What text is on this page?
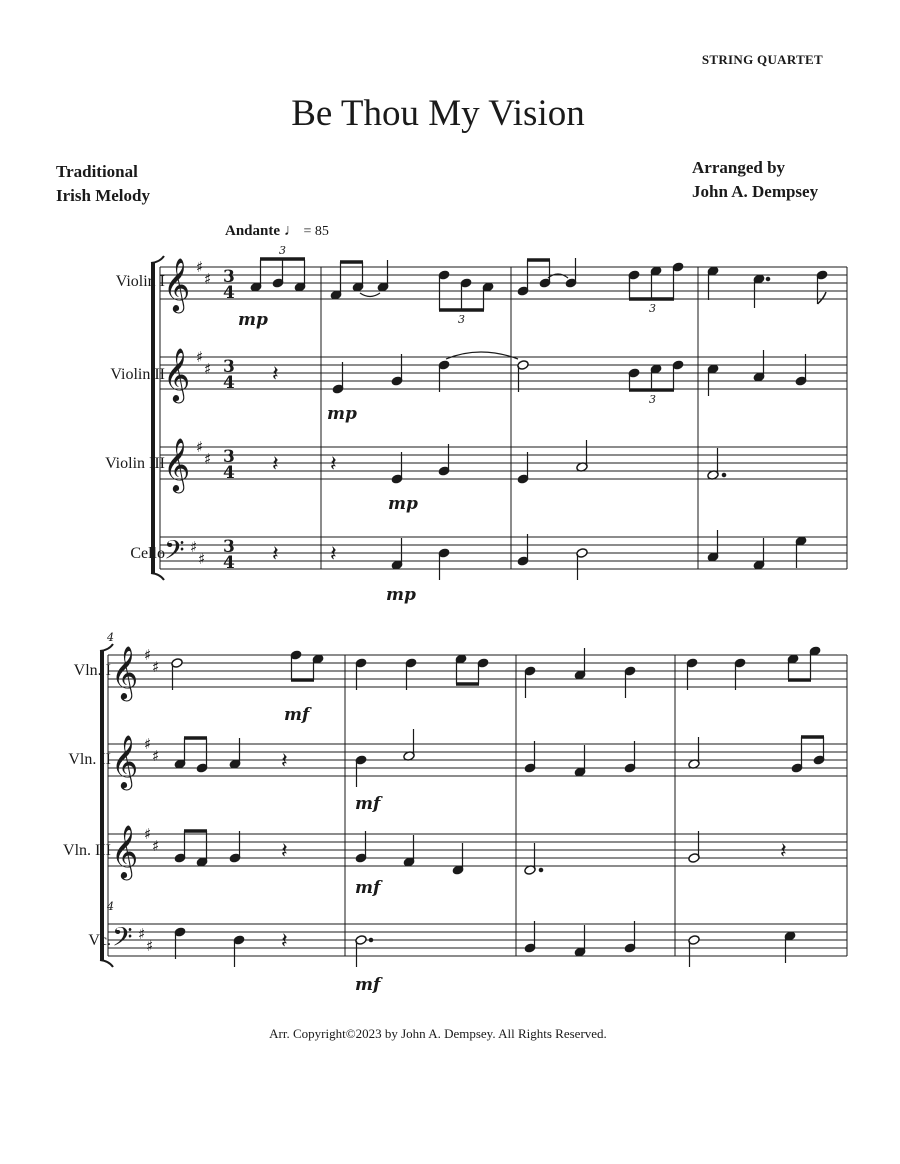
STRING QUARTET
Be Thou My Vision
Traditional
Irish Melody
Arranged by
John A. Dempsey
Andante ♩ = 85
Violin I
Violin II
Violin III
Cello
Vln. I
Vln. II
Vln. III
Vc.
𝄞
𝄞
𝄞
𝄢
♯
♯
♯
♯
♯
♯
♯
♯
3
4
3
4
3
4
3
4
𝄽
𝄽 𝄽
𝄽 𝄽
3
3
3
3
mp
mp
mp
mp
𝄞
𝄞
𝄞
𝄢
♯
♯
♯
♯
♯
♯
♯
♯
4
4
𝄽
𝄽	𝄽
𝄽
mf
mf
mf
mf
Arr. Copyright©2023 by John A. Dempsey. All Rights Reserved.
